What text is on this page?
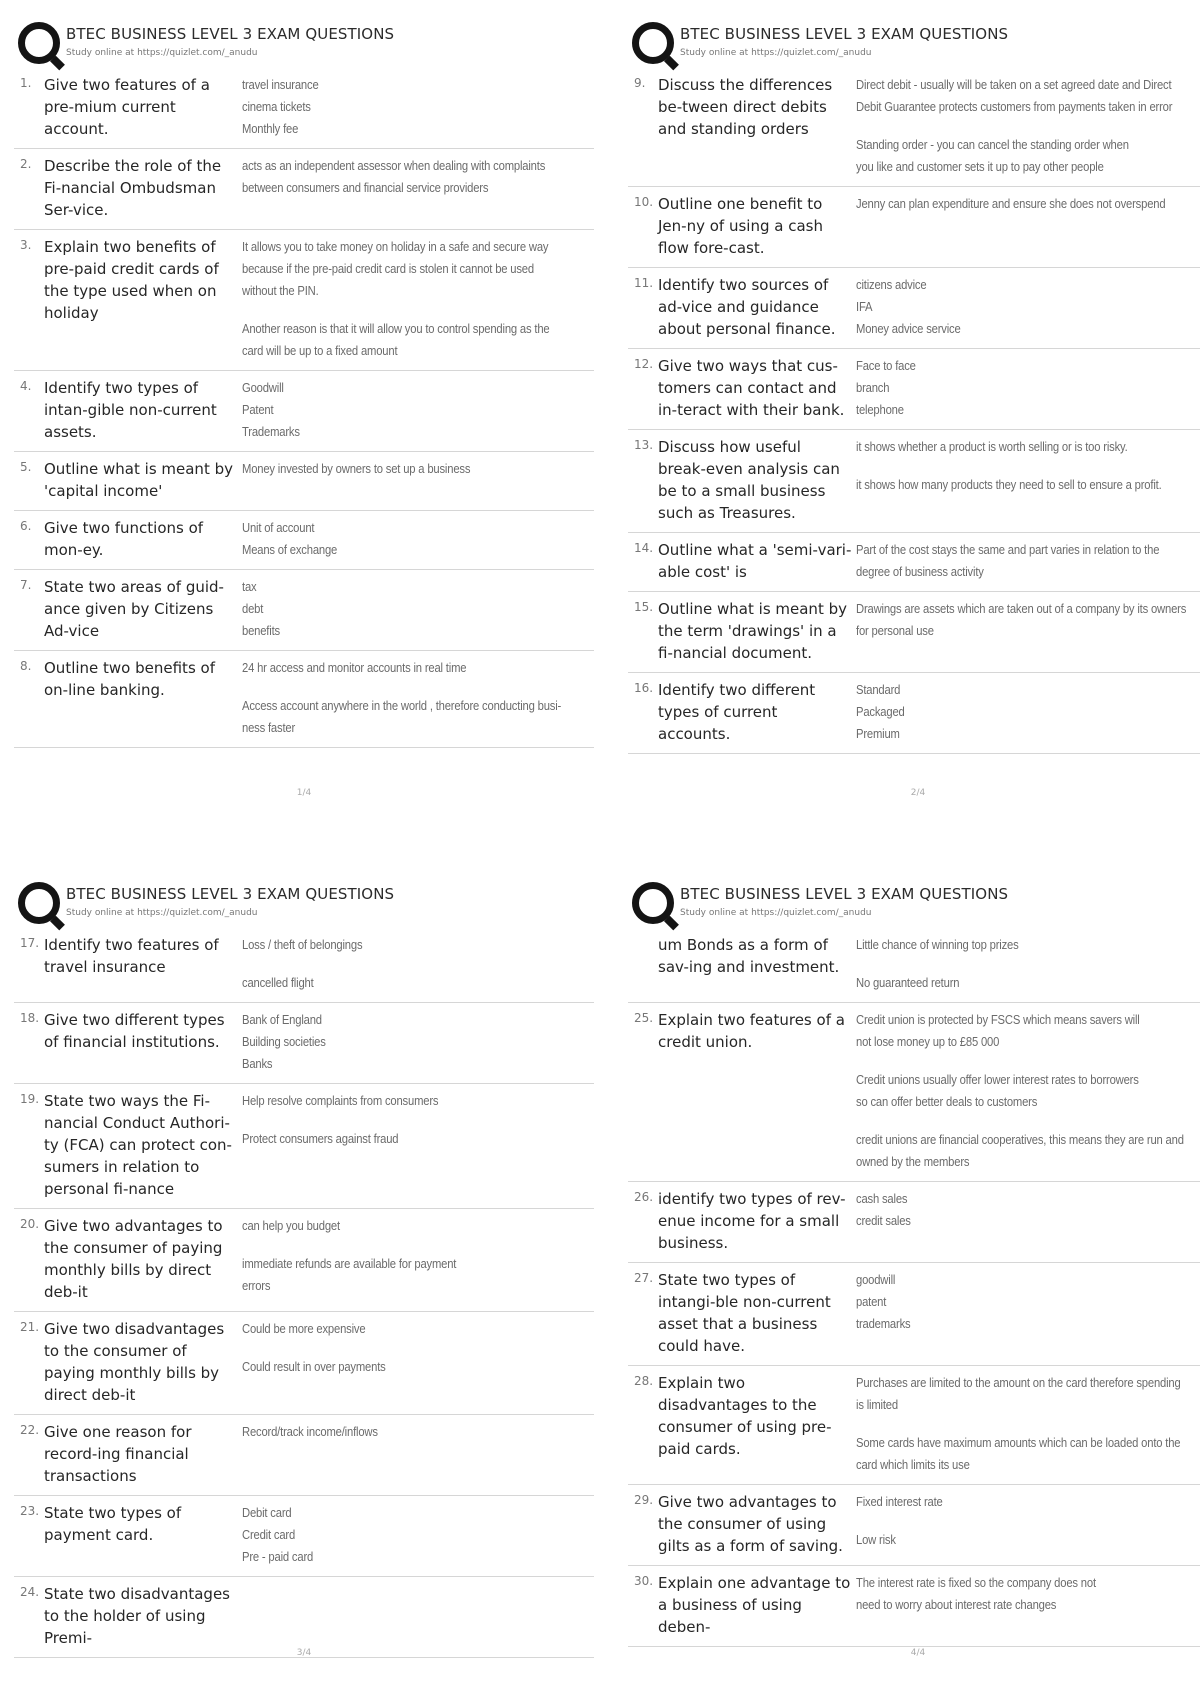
BTEC BUSINESS LEVEL 3 EXAM QUESTIONS
Study online at https://quizlet.com/_anudu
1. Give two features of a pre-mium current account.
travel insurance
cinema tickets
Monthly fee
2. Describe the role of the Fi-nancial Ombudsman Ser-vice.
acts as an independent assessor when dealing with complaints
between consumers and financial service providers
3. Explain two benefits of pre-paid credit cards of the type used when on holiday
It allows you to take money on holiday in a safe and secure way
because if the pre-paid credit card is stolen it cannot be used
without the PIN.
Another reason is that it will allow you to control spending as the
card will be up to a fixed amount
4. Identify two types of intan-gible non-current assets.
Goodwill
Patent
Trademarks
5. Outline what is meant by 'capital income'
Money invested by owners to set up a business
6. Give two functions of mon-ey.
Unit of account
Means of exchange
7. State two areas of guid-ance given by Citizens Ad-vice
tax
debt
benefits
8. Outline two benefits of on-line banking.
24 hr access and monitor accounts in real time
Access account anywhere in the world , therefore conducting busi-
ness faster
1/4
BTEC BUSINESS LEVEL 3 EXAM QUESTIONS
Study online at https://quizlet.com/_anudu
9. Discuss the differences be-tween direct debits and standing orders
Direct debit - usually will be taken on a set agreed date and Direct
Debit Guarantee protects customers from payments taken in error
Standing order - you can cancel the standing order when
you like and customer sets it up to pay other people
10. Outline one benefit to Jen-ny of using a cash flow fore-cast.
Jenny can plan expenditure and ensure she does not overspend
11. Identify two sources of ad-vice and guidance about personal finance.
citizens advice
IFA
Money advice service
12. Give two ways that cus-tomers can contact and in-teract with their bank.
Face to face
branch
telephone
13. Discuss how useful break-even analysis can be to a small business such as Treasures.
it shows whether a product is worth selling or is too risky.
it shows how many products they need to sell to ensure a profit.
14. Outline what a 'semi-vari-able cost' is
Part of the cost stays the same and part varies in relation to the
degree of business activity
15. Outline what is meant by the term 'drawings' in a fi-nancial document.
Drawings are assets which are taken out of a company by its owners
for personal use
16. Identify two different types of current accounts.
Standard
Packaged
Premium
2/4
BTEC BUSINESS LEVEL 3 EXAM QUESTIONS
Study online at https://quizlet.com/_anudu
17. Identify two features of travel insurance
Loss / theft of belongings
cancelled flight
18. Give two different types of financial institutions.
Bank of England
Building societies
Banks
19. State two ways the Fi-nancial Conduct Authori-ty (FCA) can protect con-sumers in relation to personal fi-nance
Help resolve complaints from consumers
Protect consumers against fraud
20. Give two advantages to the consumer of paying monthly bills by direct deb-it
can help you budget
immediate refunds are available for payment
errors
21. Give two disadvantages to the consumer of paying monthly bills by direct deb-it
Could be more expensive
Could result in over payments
22. Give one reason for record-ing financial transactions
Record/track income/inflows
23. State two types of payment card.
Debit card
Credit card
Pre - paid card
24. State two disadvantages to the holder of using Premi-
3/4
BTEC BUSINESS LEVEL 3 EXAM QUESTIONS
Study online at https://quizlet.com/_anudu
um Bonds as a form of sav-ing and investment.
Little chance of winning top prizes
No guaranteed return
25. Explain two features of a credit union.
Credit union is protected by FSCS which means savers will
not lose money up to £85 000
Credit unions usually offer lower interest rates to borrowers
so can offer better deals to customers
credit unions are financial cooperatives, this means they are run and
owned by the members
26. identify two types of rev-enue income for a small business.
cash sales
credit sales
27. State two types of intangi-ble non-current asset that a business could have.
goodwill
patent
trademarks
28. Explain two disadvantages to the consumer of using pre-paid cards.
Purchases are limited to the amount on the card therefore spending
is limited
Some cards have maximum amounts which can be loaded onto the
card which limits its use
29. Give two advantages to the consumer of using gilts as a form of saving.
Fixed interest rate
Low risk
30. Explain one advantage to a business of using deben-
The interest rate is fixed so the company does not
need to worry about interest rate changes
4/4
